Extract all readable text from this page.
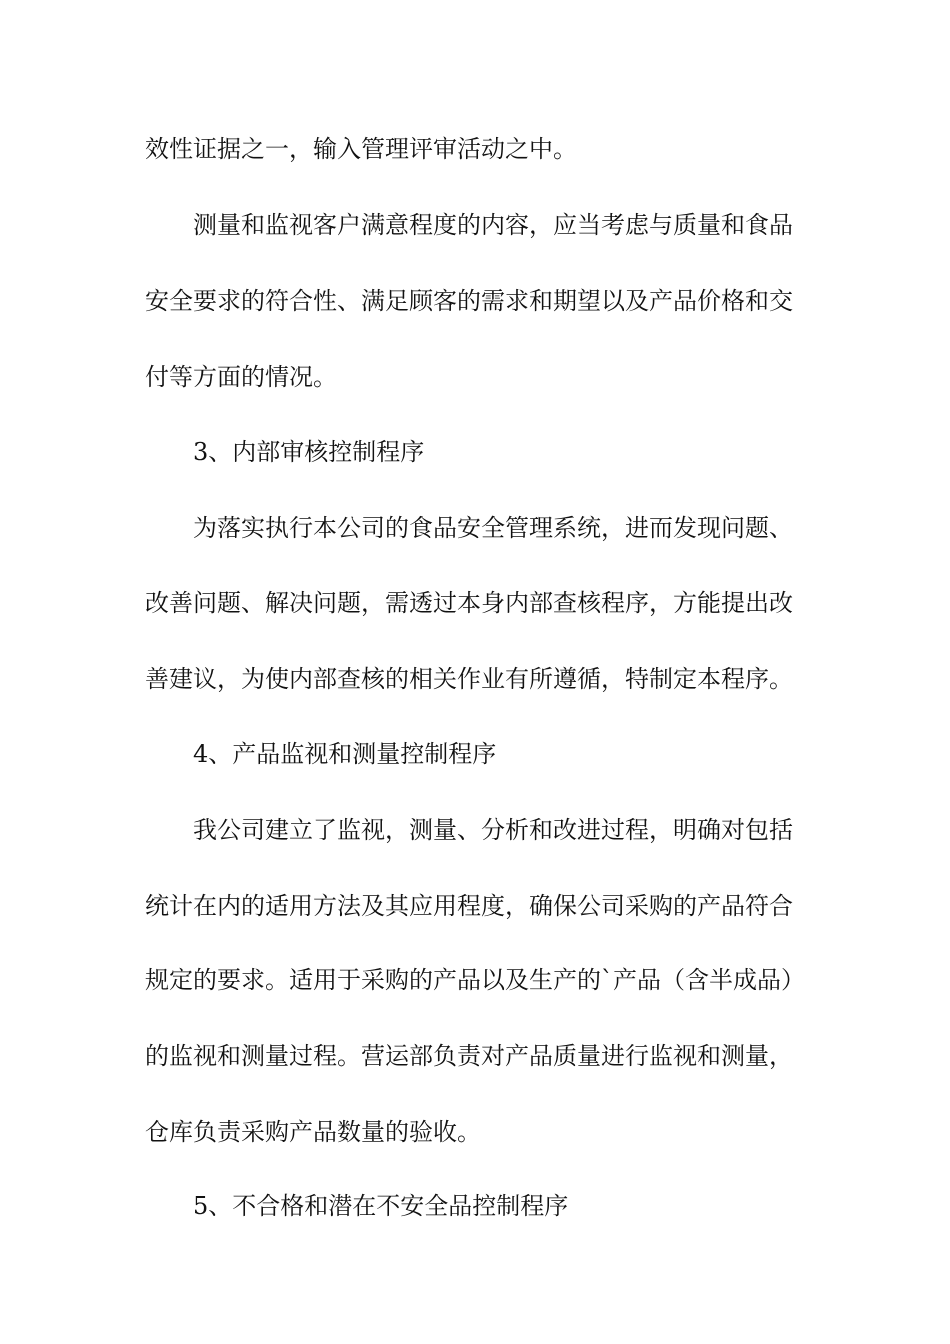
效性证据之一，输入管理评审活动之中。
测量和监视客户满意程度的内容，应当考虑与质量和食品
安全要求的符合性、满足顾客的需求和期望以及产品价格和交
付等方面的情况。
3、内部审核控制程序
为落实执行本公司的食品安全管理系统，进而发现问题、
改善问题、解决问题，需透过本身内部查核程序，方能提出改
善建议，为使内部查核的相关作业有所遵循，特制定本程序。
4、产品监视和测量控制程序
我公司建立了监视，测量、分析和改进过程，明确对包括
统计在内的适用方法及其应用程度，确保公司采购的产品符合
规定的要求。适用于采购的产品以及生产的`产品（含半成品）
的监视和测量过程。营运部负责对产品质量进行监视和测量，
仓库负责采购产品数量的验收。
5、不合格和潜在不安全品控制程序
